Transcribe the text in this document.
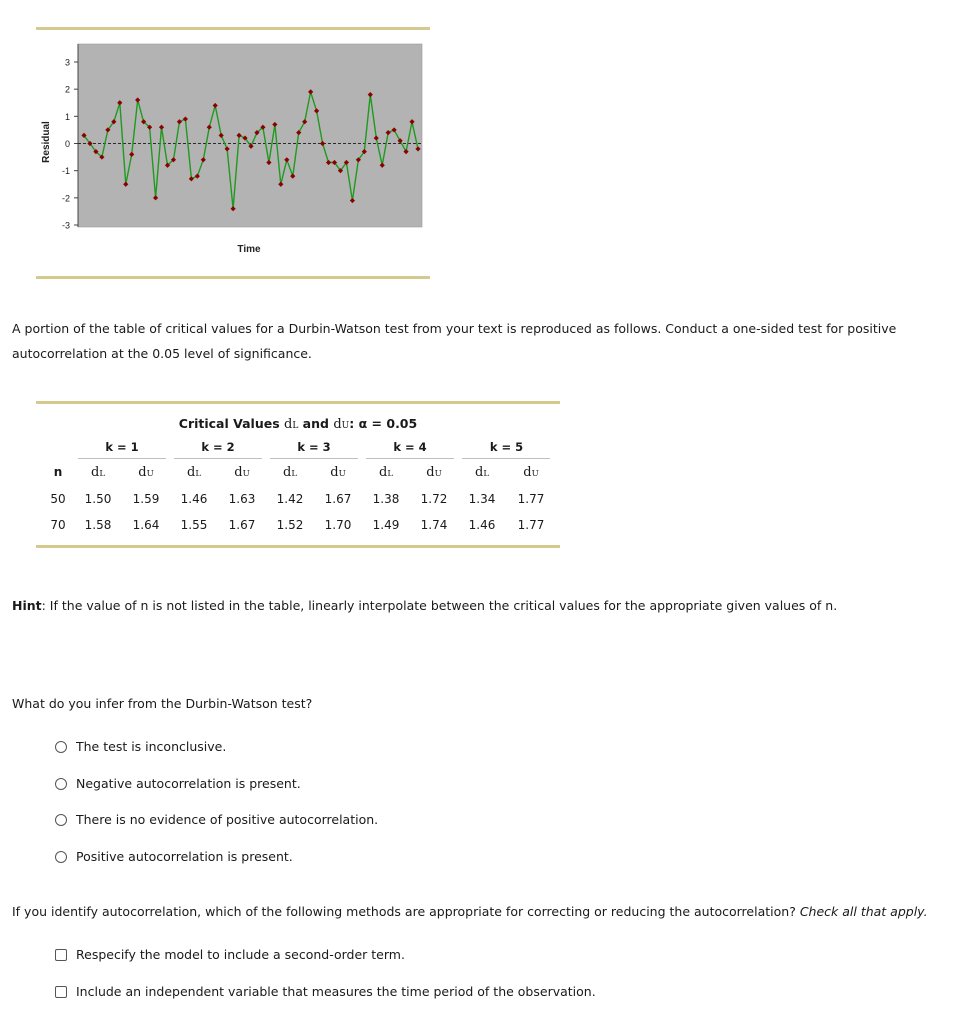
3
2
1
0
-1
-2
-3
Residual
Time
A portion of the table of critical values for a Durbin-Watson test from your text is reproduced as follows. Conduct a one-sided test for positive autocorrelation at the 0.05 level of significance.
Critical Values dL and dU: α = 0.05
k = 1	k = 2	k = 3	k = 4	k = 5
n	dL	dU	dL	dU	dL	dU	dL	dU	dL	dU
50	1.50	1.59	1.46	1.63	1.42	1.67	1.38	1.72	1.34	1.77
70	1.58	1.64	1.55	1.67	1.52	1.70	1.49	1.74	1.46	1.77
Hint: If the value of n is not listed in the table, linearly interpolate between the critical values for the appropriate given values of n.
What do you infer from the Durbin-Watson test?
The test is inconclusive.
Negative autocorrelation is present.
There is no evidence of positive autocorrelation.
Positive autocorrelation is present.
If you identify autocorrelation, which of the following methods are appropriate for correcting or reducing the autocorrelation? Check all that apply.
Respecify the model to include a second-order term.
Include an independent variable that measures the time period of the observation.
